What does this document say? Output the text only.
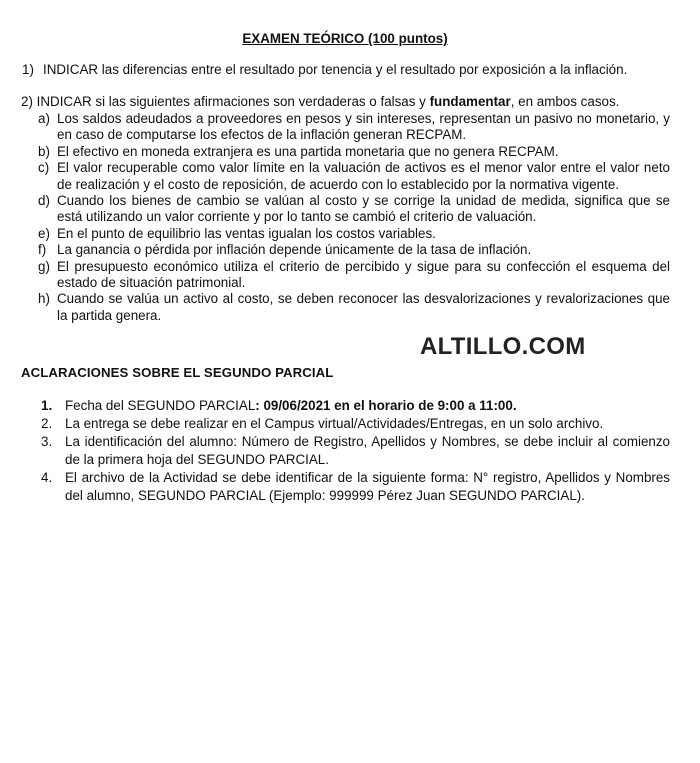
EXAMEN TEÓRICO (100 puntos)
1) INDICAR las diferencias entre el resultado por tenencia y el resultado por exposición a la inflación.
2) INDICAR si las siguientes afirmaciones son verdaderas o falsas y fundamentar, en ambos casos.
a) Los saldos adeudados a proveedores en pesos y sin intereses, representan un pasivo no monetario, y en caso de computarse los efectos de la inflación generan RECPAM.
b) El efectivo en moneda extranjera es una partida monetaria que no genera RECPAM.
c) El valor recuperable como valor límite en la valuación de activos es el menor valor entre el valor neto de realización y el costo de reposición, de acuerdo con lo establecido por la normativa vigente.
d) Cuando los bienes de cambio se valúan al costo y se corrige la unidad de medida, significa que se está utilizando un valor corriente y por lo tanto se cambió el criterio de valuación.
e) En el punto de equilibrio las ventas igualan los costos variables.
f) La ganancia o pérdida por inflación depende únicamente de la tasa de inflación.
g) El presupuesto económico utiliza el criterio de percibido y sigue para su confección el esquema del estado de situación patrimonial.
h) Cuando se valúa un activo al costo, se deben reconocer las desvalorizaciones y revalorizaciones que la partida genera.
ALTILLO.COM
ACLARACIONES SOBRE EL SEGUNDO PARCIAL
1. Fecha del SEGUNDO PARCIAL: 09/06/2021 en el horario de 9:00 a 11:00.
2. La entrega se debe realizar en el Campus virtual/Actividades/Entregas, en un solo archivo.
3. La identificación del alumno: Número de Registro, Apellidos y Nombres, se debe incluir al comienzo de la primera hoja del SEGUNDO PARCIAL.
4. El archivo de la Actividad se debe identificar de la siguiente forma: N° registro, Apellidos y Nombres del alumno, SEGUNDO PARCIAL (Ejemplo: 999999 Pérez Juan SEGUNDO PARCIAL).
